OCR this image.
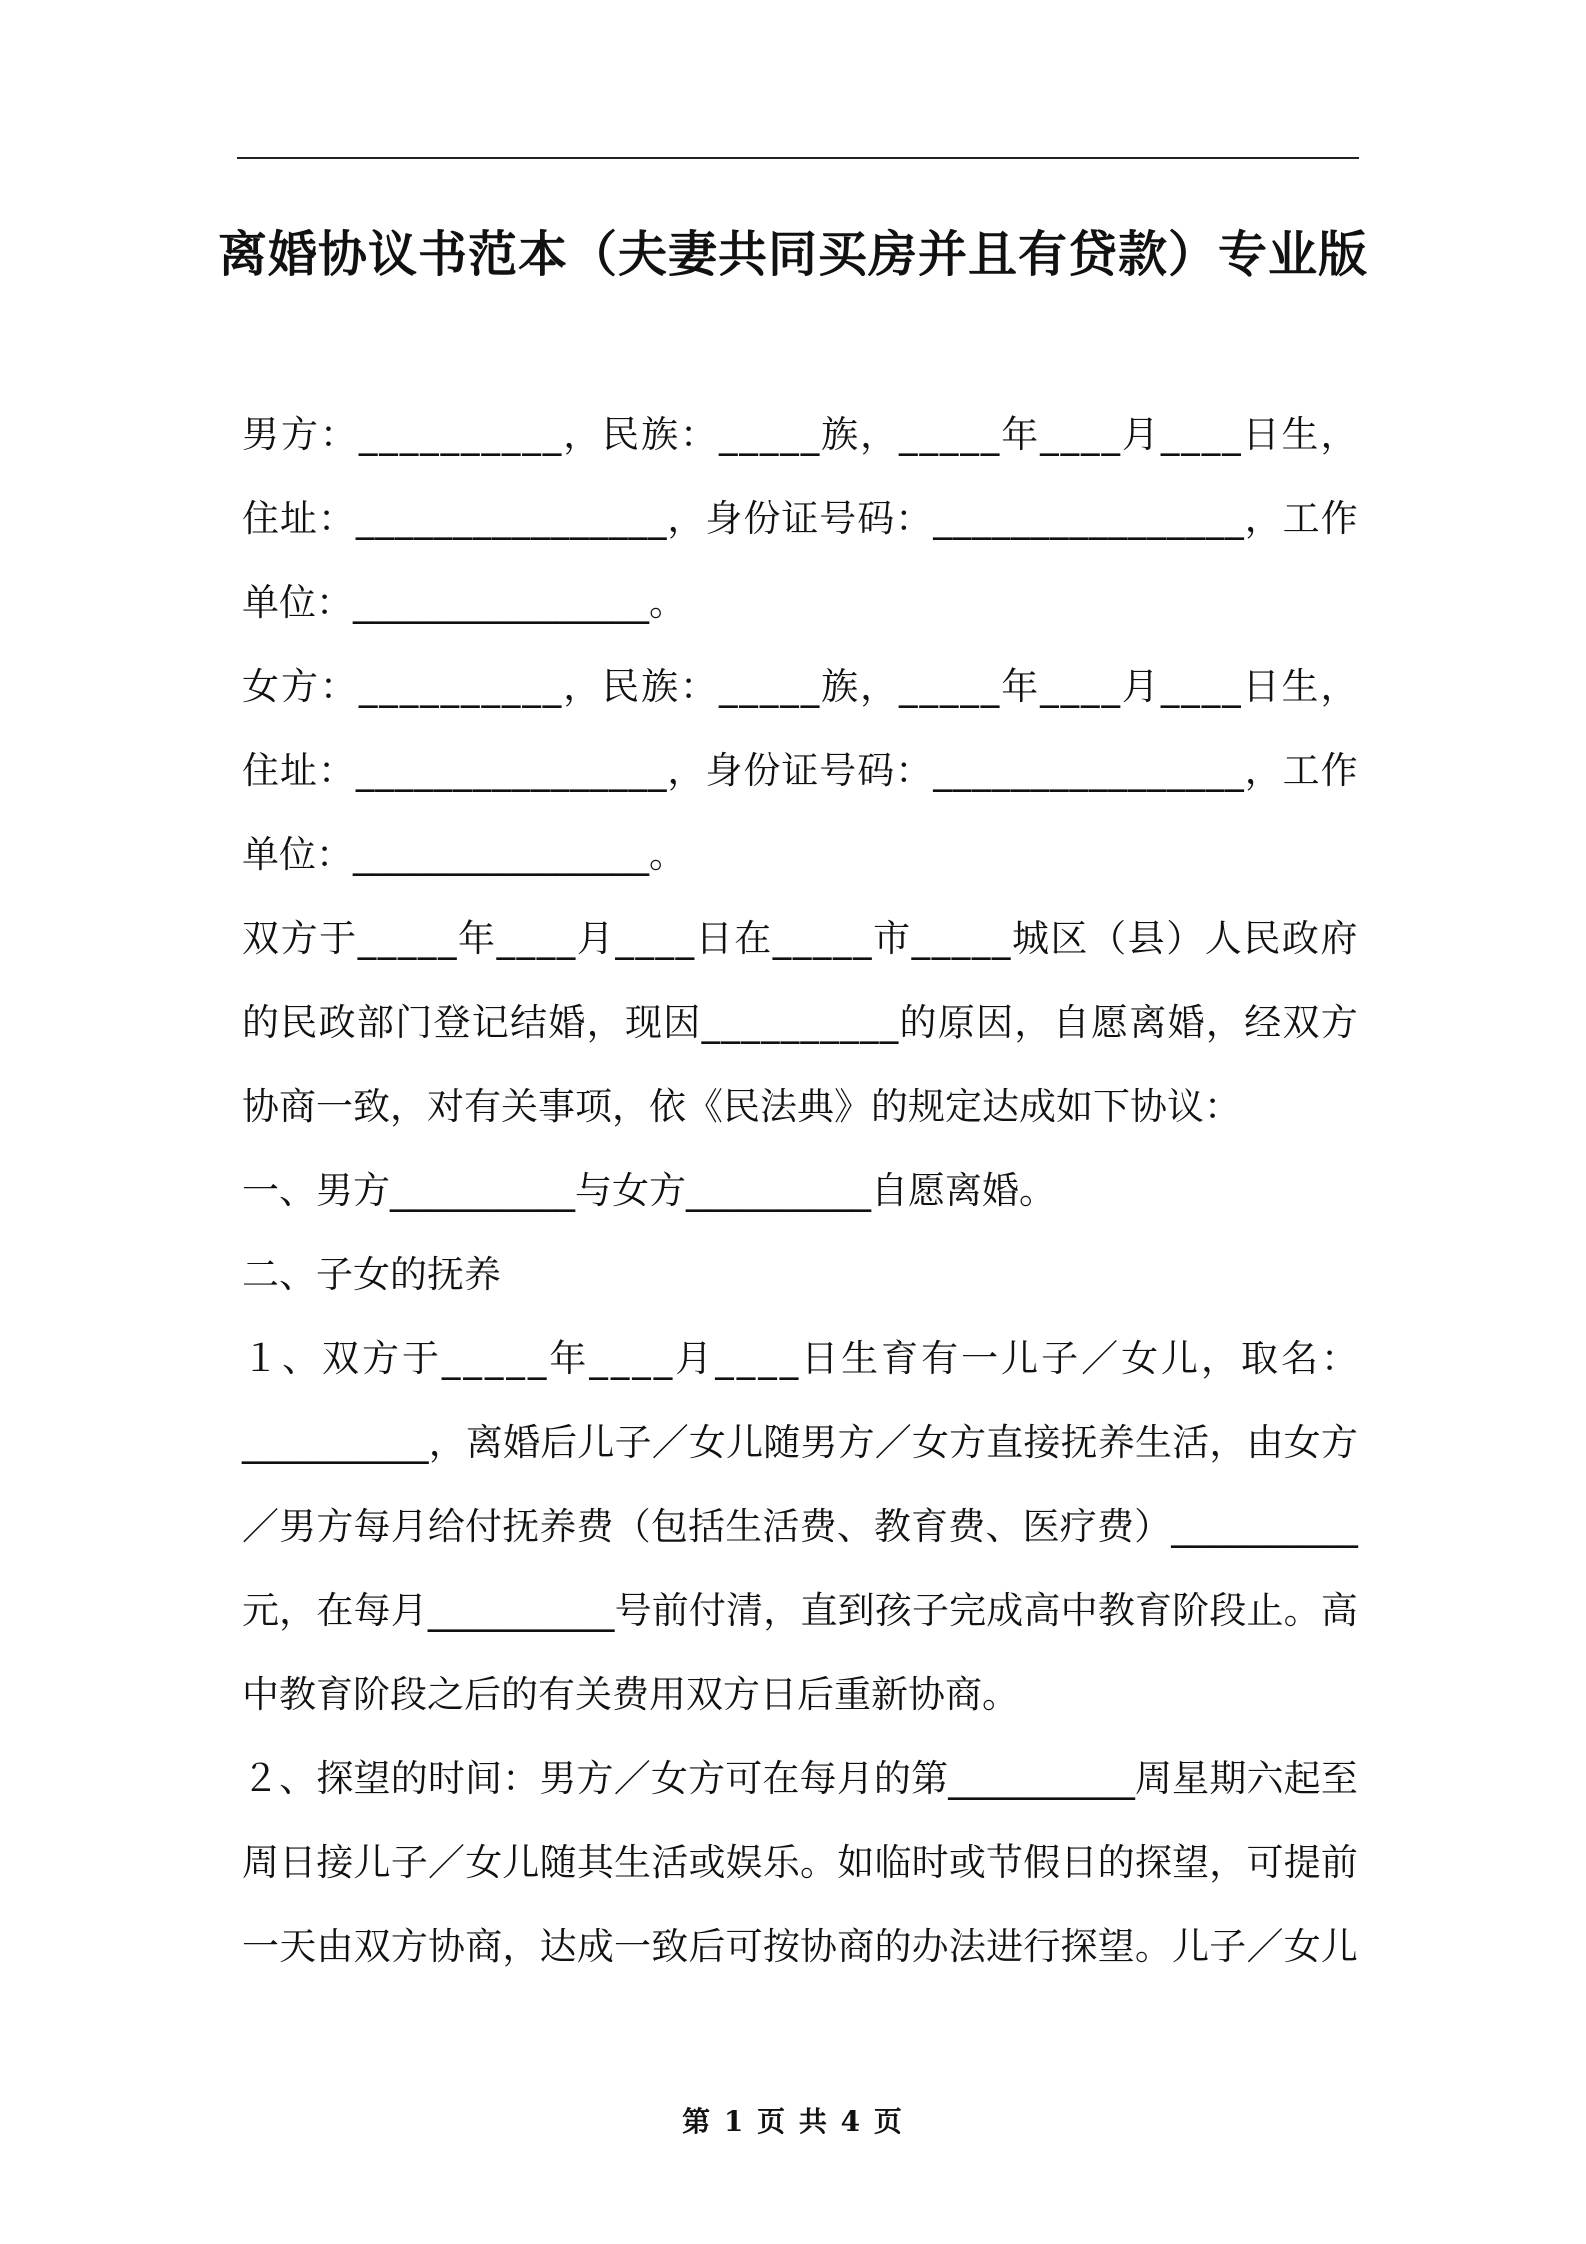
离婚协议书范本（夫妻共同买房并且有贷款）专业版
男 方 ： _ _ _ _ _ _ _ _ _ _ ， 民 族 ： _ _ _ _ _ 族 ， _ _ _ _ _ 年 _ _ _ _ 月 _ _ _ _ 日 生 ，
住 址 ： _ _ _ _ _ _ _ _ _ _ _ _ _ _ _ _ ， 身 份 证 号 码 ： _ _ _ _ _ _ _ _ _ _ _ _ _ _ _ _ ， 工 作
单位：________________。
女 方 ： _ _ _ _ _ _ _ _ _ _ ， 民 族 ： _ _ _ _ _ 族 ， _ _ _ _ _ 年 _ _ _ _ 月 _ _ _ _ 日 生 ，
住 址 ： _ _ _ _ _ _ _ _ _ _ _ _ _ _ _ _ ， 身 份 证 号 码 ： _ _ _ _ _ _ _ _ _ _ _ _ _ _ _ _ ， 工 作
单位：________________。
双 方 于 _ _ _ _ _ 年 _ _ _ _ 月 _ _ _ _ 日 在 _ _ _ _ _ 市 _ _ _ _ _ 城 区 （ 县 ） 人 民 政 府
的 民 政 部 门 登 记 结 婚 ， 现 因 _ _ _ _ _ _ _ _ _ _ 的 原 因 ， 自 愿 离 婚 ， 经 双 方
协商一致，对有关事项，依《民法典》的规定达成如下协议：
一、男方__________与女方__________自愿离婚。
二、子女的抚养
１ 、 双 方 于 _ _ _ _ _ 年 _ _ _ _ 月 _ _ _ _ 日 生 育 有 一 儿 子 ／ 女 儿 ， 取 名 ：
_ _ _ _ _ _ _ _ _ _ ， 离 婚 后 儿 子 ／ 女 儿 随 男 方 ／ 女 方 直 接 抚 养 生 活 ， 由 女 方
／ 男 方 每 月 给 付 抚 养 费 （ 包 括 生 活 费 、 教 育 费 、 医 疗 费 ） _ _ _ _ _ _ _ _ _ _
元 ， 在 每 月 _ _ _ _ _ _ _ _ _ _ 号 前 付 清 ， 直 到 孩 子 完 成 高 中 教 育 阶 段 止 。 高
中教育阶段之后的有关费用双方日后重新协商。
２ 、 探 望 的 时 间 ： 男 方 ／ 女 方 可 在 每 月 的 第 _ _ _ _ _ _ _ _ _ _ 周 星 期 六 起 至
周 日 接 儿 子 ／ 女 儿 随 其 生 活 或 娱 乐 。 如 临 时 或 节 假 日 的 探 望 ， 可 提 前
一 天 由 双 方 协 商 ， 达 成 一 致 后 可 按 协 商 的 办 法 进 行 探 望 。 儿 子 ／ 女 儿
第 1 页 共 4 页
